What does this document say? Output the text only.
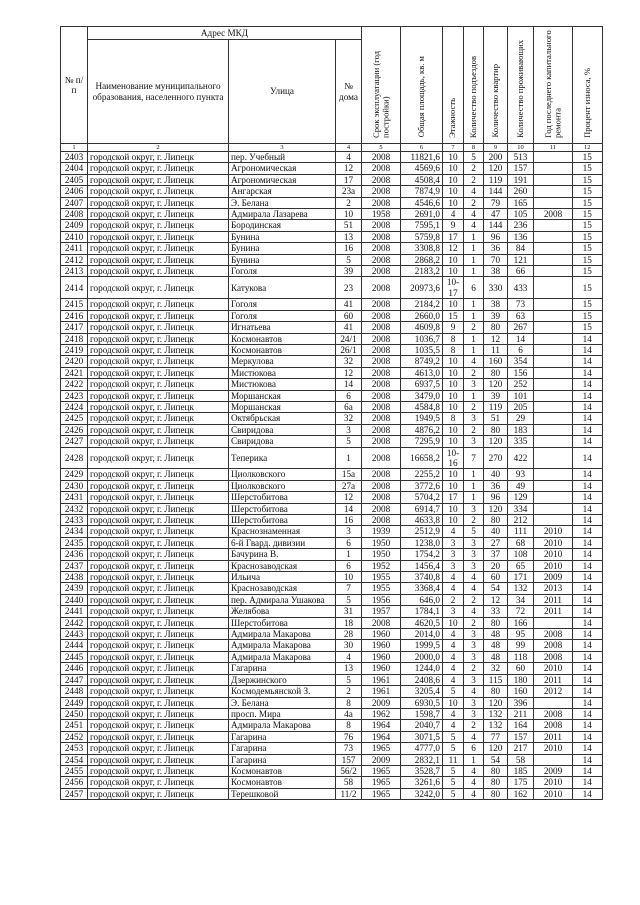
№ п/п	Адрес МКД			Срок эксплуатации (год постройки)	Общая площадь, кв. м	Этажность	Количество подъездов	Количество квартир	Количество проживающих	Год последнего капитального ремонта	Процент износа, %
	Наименование муниципального образования, населенного пункта	Улица	№ дома								
1	2	3	4	5	6	7	8	9	10	11	12
2403	городской округ, г. Липецк	пер. Учебный	4	2008	11821,6	10	5	200	513		15
2404	городской округ, г. Липецк	Агрономическая	12	2008	4569,6	10	2	120	157		15
2405	городской округ, г. Липецк	Агрономическая	17	2008	4508,4	10	2	119	191		15
2406	городской округ, г. Липецк	Ангарская	23а	2008	7874,9	10	4	144	260		15
2407	городской округ, г. Липецк	Э. Белана	2	2008	4546,6	10	2	79	165		15
2408	городской округ, г. Липецк	Адмирала Лазарева	10	1958	2691,0	4	4	47	105	2008	15
2409	городской округ, г. Липецк	Бородинская	51	2008	7595,1	9	4	144	236		15
2410	городской округ, г. Липецк	Бунина	13	2008	5759,8	17	1	96	136		15
2411	городской округ, г. Липецк	Бунина	16	2008	3308,8	12	1	36	84		15
2412	городской округ, г. Липецк	Бунина	5	2008	2868,2	10	1	70	121		15
2413	городской округ, г. Липецк	Гоголя	39	2008	2183,2	10	1	38	66		15
2414	городской округ, г. Липецк	Катукова	23	2008	20973,6	10-17	6	330	433		15
2415	городской округ, г. Липецк	Гоголя	41	2008	2184,2	10	1	38	73		15
2416	городской округ, г. Липецк	Гоголя	60	2008	2660,0	15	1	39	63		15
2417	городской округ, г. Липецк	Игнатьева	41	2008	4609,8	9	2	80	267		15
2418	городской округ, г. Липецк	Космонавтов	24/1	2008	1036,7	8	1	12	14		14
2419	городской округ, г. Липецк	Космонавтов	26/1	2008	1035,5	8	1	11	6		14
2420	городской округ, г. Липецк	Меркулова	32	2008	8749,2	10	4	160	354		14
2421	городской округ, г. Липецк	Мистюкова	12	2008	4613,0	10	2	80	156		14
2422	городской округ, г. Липецк	Мистюкова	14	2008	6937,5	10	3	120	252		14
2423	городской округ, г. Липецк	Моршанская	6	2008	3479,0	10	1	39	101		14
2424	городской округ, г. Липецк	Моршанская	6а	2008	4584,8	10	2	119	205		14
2425	городской округ, г. Липецк	Октябрьская	32	2008	1949,5	8	3	51	29		14
2426	городской округ, г. Липецк	Свиридова	3	2008	4876,2	10	2	80	183		14
2427	городской округ, г. Липецк	Свиридова	5	2008	7295,9	10	3	120	335		14
2428	городской округ, г. Липецк	Теперика	1	2008	16658,2	10-16	7	270	422		14
2429	городской округ, г. Липецк	Циолковского	15а	2008	2255,2	10	1	40	93		14
2430	городской округ, г. Липецк	Циолковского	27а	2008	3772,6	10	1	36	49		14
2431	городской округ, г. Липецк	Шерстобитова	12	2008	5704,2	17	1	96	129		14
2432	городской округ, г. Липецк	Шерстобитова	14	2008	6914,7	10	3	120	334		14
2433	городской округ, г. Липецк	Шерстобитова	16	2008	4633,8	10	2	80	212		14
2434	городской округ, г. Липецк	Краснознаменная	3	1939	2512,9	4	5	40	111	2010	14
2435	городской округ, г. Липецк	6-й Гвард. дивизии	6	1950	1238,0	3	3	27	68	2010	14
2436	городской округ, г. Липецк	Бачурина В.	1	1950	1754,2	3	3	37	108	2010	14
2437	городской округ, г. Липецк	Краснозаводская	6	1952	1456,4	3	3	20	65	2010	14
2438	городской округ, г. Липецк	Ильича	10	1955	3740,8	4	4	60	171	2009	14
2439	городской округ, г. Липецк	Краснозаводская	7	1955	3368,4	4	4	54	132	2013	14
2440	городской округ, г. Липецк	пер. Адмирала Ушакова	5	1956	646,0	2	2	12	34	2011	14
2441	городской округ, г. Липецк	Желябова	31	1957	1784,1	3	4	33	72	2011	14
2442	городской округ, г. Липецк	Шерстобитова	18	2008	4620,5	10	2	80	166		14
2443	городской округ, г. Липецк	Адмирала Макарова	28	1960	2014,0	4	3	48	95	2008	14
2444	городской округ, г. Липецк	Адмирала Макарова	30	1960	1999,5	4	3	48	99	2008	14
2445	городской округ, г. Липецк	Адмирала Макарова	4	1960	2000,0	4	3	48	118	2008	14
2446	городской округ, г. Липецк	Гагарина	13	1960	1244,0	4	2	32	60	2010	14
2447	городской округ, г. Липецк	Дзержинского	5	1961	2408,6	4	3	115	180	2011	14
2448	городской округ, г. Липецк	Космодемьянской З.	2	1961	3205,4	5	4	80	160	2012	14
2449	городской округ, г. Липецк	Э. Белана	8	2009	6930,5	10	3	120	396		14
2450	городской округ, г. Липецк	просп. Мира	4а	1962	1598,7	4	3	132	211	2008	14
2451	городской округ, г. Липецк	Адмирала Макарова	8	1964	2040,7	4	2	132	164	2008	14
2452	городской округ, г. Липецк	Гагарина	76	1964	3071,5	5	4	77	157	2011	14
2453	городской округ, г. Липецк	Гагарина	73	1965	4777,0	5	6	120	217	2010	14
2454	городской округ, г. Липецк	Гагарина	157	2009	2832,1	11	1	54	58		14
2455	городской округ, г. Липецк	Космонавтов	56/2	1965	3528,7	5	4	80	185	2009	14
2456	городской округ, г. Липецк	Космонавтов	58	1965	3261,6	5	4	80	175	2010	14
2457	городской округ, г. Липецк	Терешковой	11/2	1965	3242,0	5	4	80	162	2010	14
